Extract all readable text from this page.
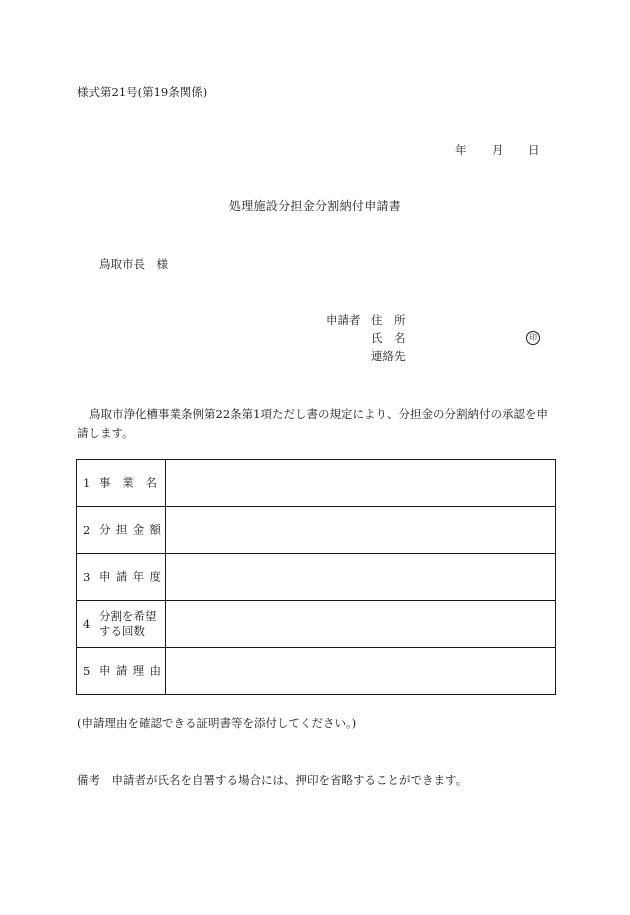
様式第21号(第19条関係)
年 月 日
処理施設分担金分割納付申請書
鳥取市長　様
申請者 住　所
氏　名	印
連絡先
鳥取市浄化槽事業条例第22条第1項ただし書の規定により、分担金の分割納付の承認を申請します。
1 事 業 名	

2 分 担 金 額	

3 申 請 年 度	

4
分割を希望
する回数	

5 申 請 理 由	

(申請理由を確認できる証明書等を添付してください。)
備考　申請者が氏名を自署する場合には、押印を省略することができます。
